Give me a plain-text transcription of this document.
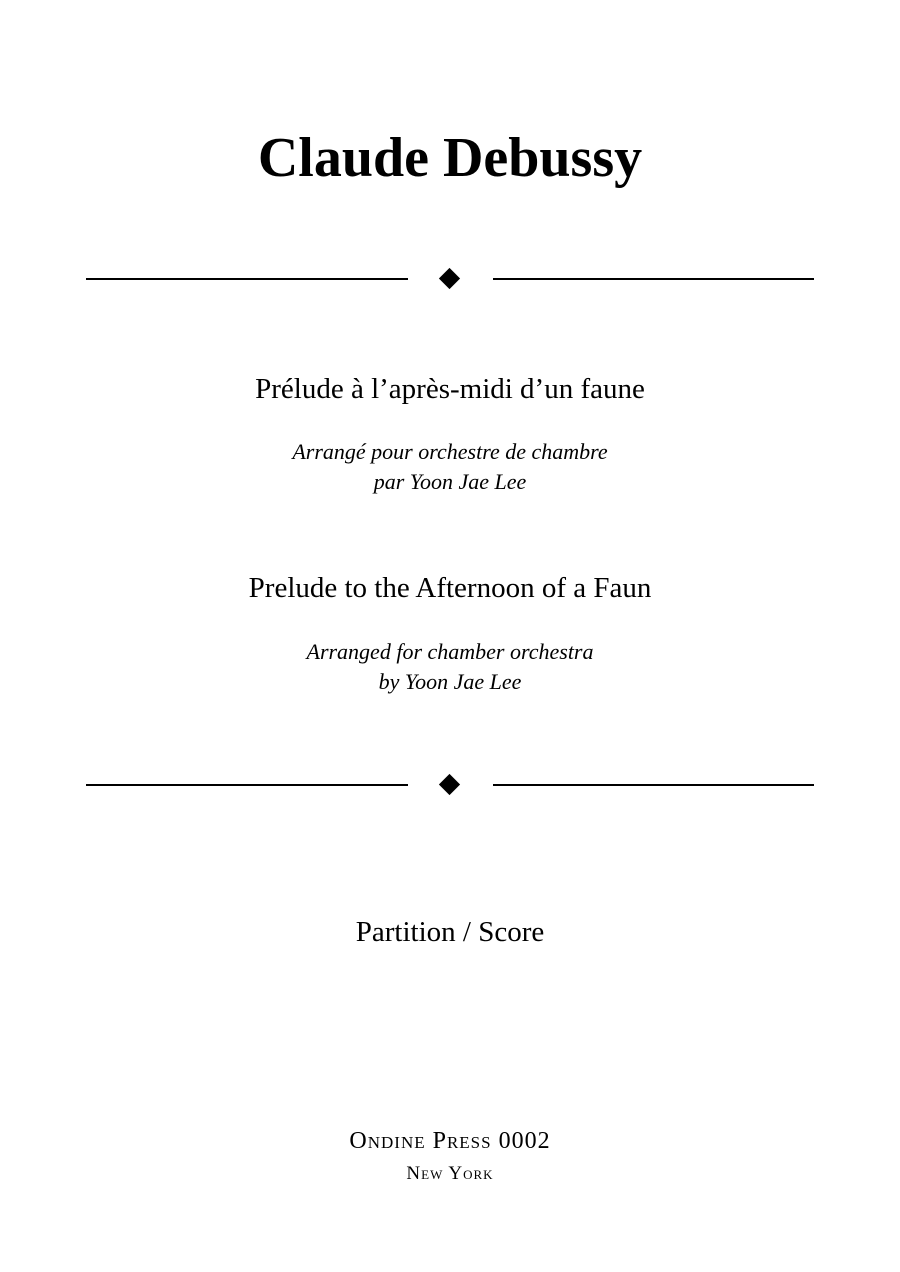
Claude Debussy
Prélude à l’après-midi d’un faune
Arrangé pour orchestre de chambre
par Yoon Jae Lee
Prelude to the Afternoon of a Faun
Arranged for chamber orchestra
by Yoon Jae Lee
Partition / Score
Ondine Press 0002
New York
